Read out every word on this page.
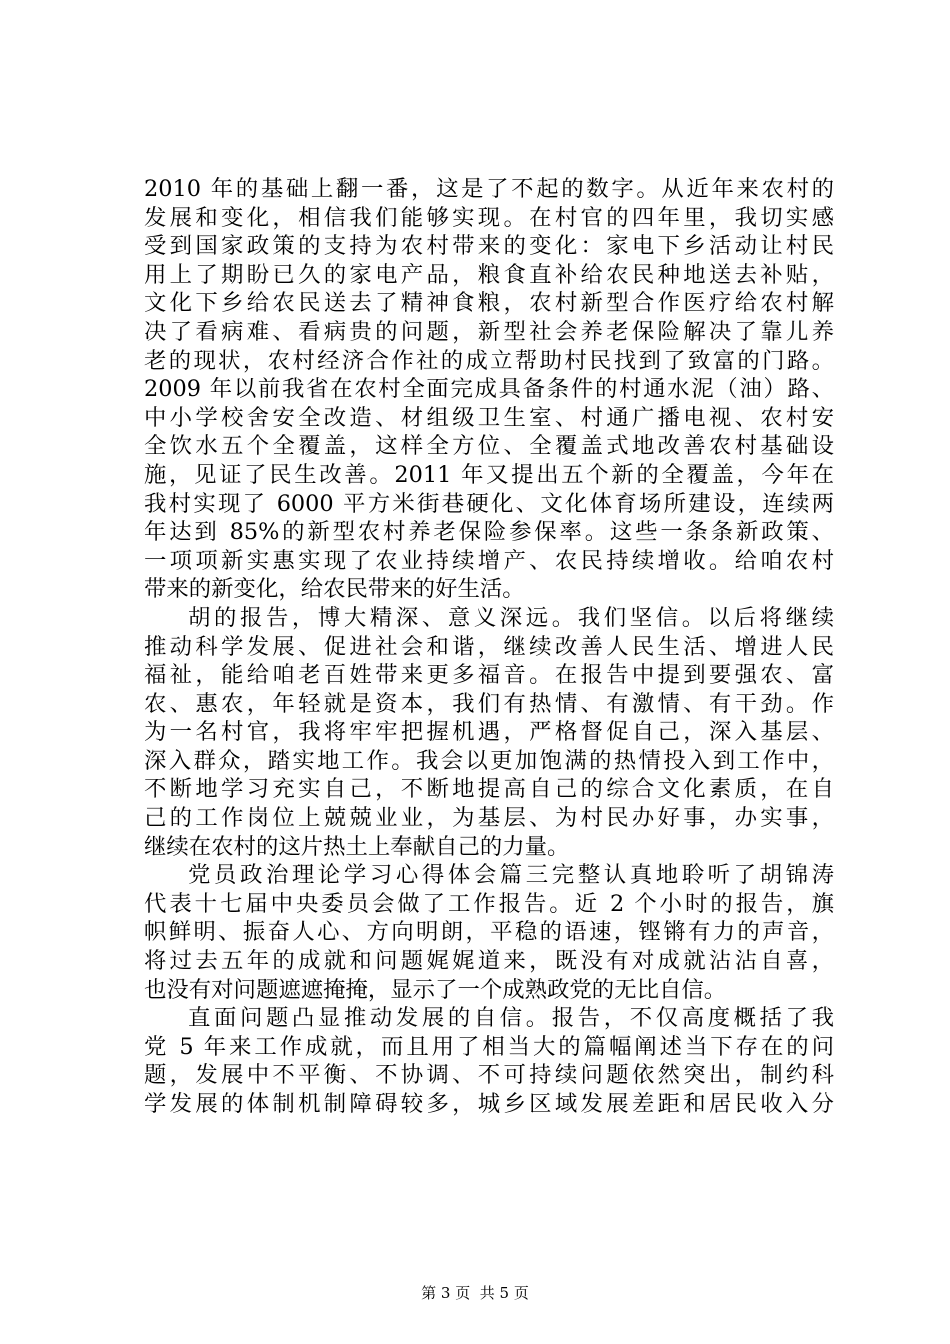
2010 年的基础上翻一番，这是了不起的数字。从近年来农村的
发展和变化，相信我们能够实现。在村官的四年里，我切实感
受到国家政策的支持为农村带来的变化：家电下乡活动让村民
用上了期盼已久的家电产品，粮食直补给农民种地送去补贴，
文化下乡给农民送去了精神食粮，农村新型合作医疗给农村解
决了看病难、看病贵的问题，新型社会养老保险解决了靠儿养
老的现状，农村经济合作社的成立帮助村民找到了致富的门路。
2009 年以前我省在农村全面完成具备条件的村通水泥（油）路、
中小学校舍安全改造、材组级卫生室、村通广播电视、农村安
全饮水五个全覆盖，这样全方位、全覆盖式地改善农村基础设
施，见证了民生改善。2011 年又提出五个新的全覆盖，今年在
我村实现了 6000 平方米街巷硬化、文化体育场所建设，连续两
年达到 85%的新型农村养老保险参保率。这些一条条新政策、
一项项新实惠实现了农业持续增产、农民持续增收。给咱农村
带来的新变化，给农民带来的好生活。
胡的报告，博大精深、意义深远。我们坚信。以后将继续
推动科学发展、促进社会和谐，继续改善人民生活、增进人民
福祉，能给咱老百姓带来更多福音。在报告中提到要强农、富
农、惠农，年轻就是资本，我们有热情、有激情、有干劲。作
为一名村官，我将牢牢把握机遇，严格督促自己，深入基层、
深入群众，踏实地工作。我会以更加饱满的热情投入到工作中，
不断地学习充实自己，不断地提高自己的综合文化素质，在自
己的工作岗位上兢兢业业，为基层、为村民办好事，办实事，
继续在农村的这片热土上奉献自己的力量。
党员政治理论学习心得体会篇三完整认真地聆听了胡锦涛
代表十七届中央委员会做了工作报告。近 2 个小时的报告，旗
帜鲜明、振奋人心、方向明朗，平稳的语速，铿锵有力的声音，
将过去五年的成就和问题娓娓道来，既没有对成就沾沾自喜，
也没有对问题遮遮掩掩，显示了一个成熟政党的无比自信。
直面问题凸显推动发展的自信。报告，不仅高度概括了我
党 5 年来工作成就，而且用了相当大的篇幅阐述当下存在的问
题，发展中不平衡、不协调、不可持续问题依然突出，制约科
学发展的体制机制障碍较多，城乡区域发展差距和居民收入分
第 3 页  共 5 页
